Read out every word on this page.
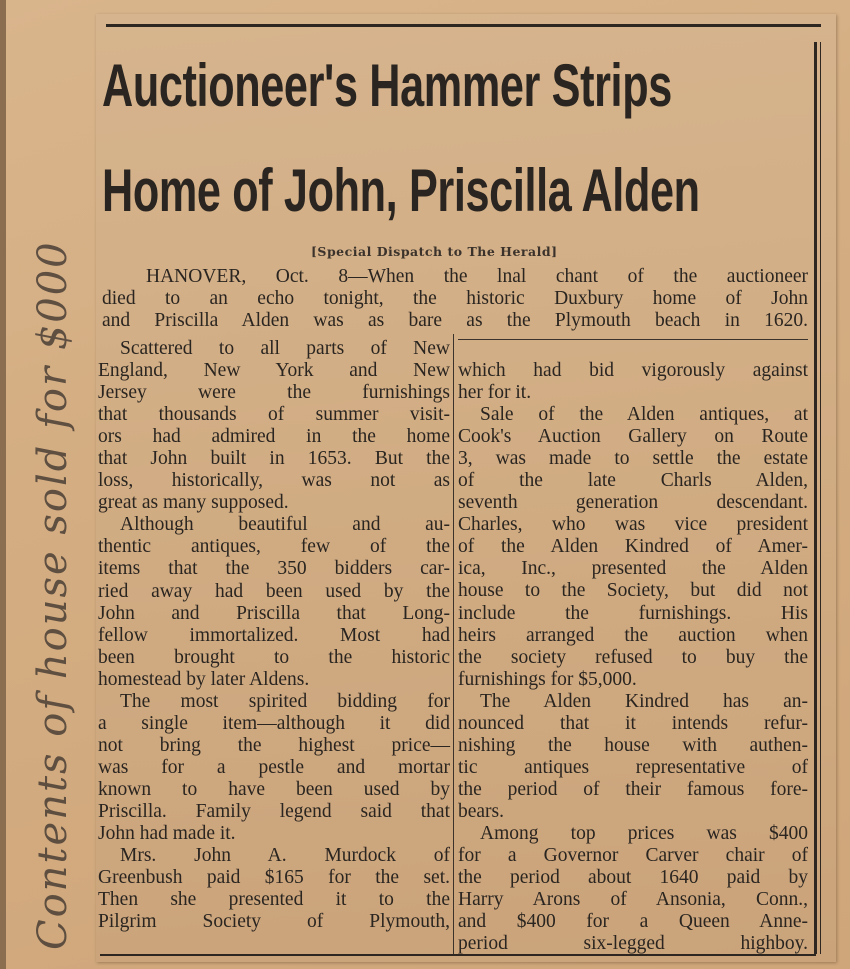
Contents of house sold for $000
Auctioneer's Hammer Strips
Home of John, Priscilla Alden
[Special Dispatch to The Herald]
HANOVER, Oct. 8—When the lnal chant of the auctioneer
died to an echo tonight, the historic Duxbury home of John
and Priscilla Alden was as bare as the Plymouth beach in 1620.
Scattered to all parts of New
England, New York and New
Jersey were the furnishings
that thousands of summer visit-
ors had admired in the home
that John built in 1653. But the
loss, historically, was not as
great as many supposed.
Although beautiful and au-
thentic antiques, few of the
items that the 350 bidders car-
ried away had been used by the
John and Priscilla that Long-
fellow immortalized. Most had
been brought to the historic
homestead by later Aldens.
The most spirited bidding for
a single item—although it did
not bring the highest price—
was for a pestle and mortar
known to have been used by
Priscilla. Family legend said that
John had made it.
Mrs. John A. Murdock of
Greenbush paid $165 for the set.
Then she presented it to the
Pilgrim Society of Plymouth,
which had bid vigorously against
her for it.
Sale of the Alden antiques, at
Cook's Auction Gallery on Route
3, was made to settle the estate
of the late Charls Alden,
seventh generation descendant.
Charles, who was vice president
of the Alden Kindred of Amer-
ica, Inc., presented the Alden
house to the Society, but did not
include the furnishings. His
heirs arranged the auction when
the society refused to buy the
furnishings for $5,000.
The Alden Kindred has an-
nounced that it intends refur-
nishing the house with authen-
tic antiques representative of
the period of their famous fore-
bears.
Among top prices was $400
for a Governor Carver chair of
the period about 1640 paid by
Harry Arons of Ansonia, Conn.,
and $400 for a Queen Anne-
period six-legged highboy.
